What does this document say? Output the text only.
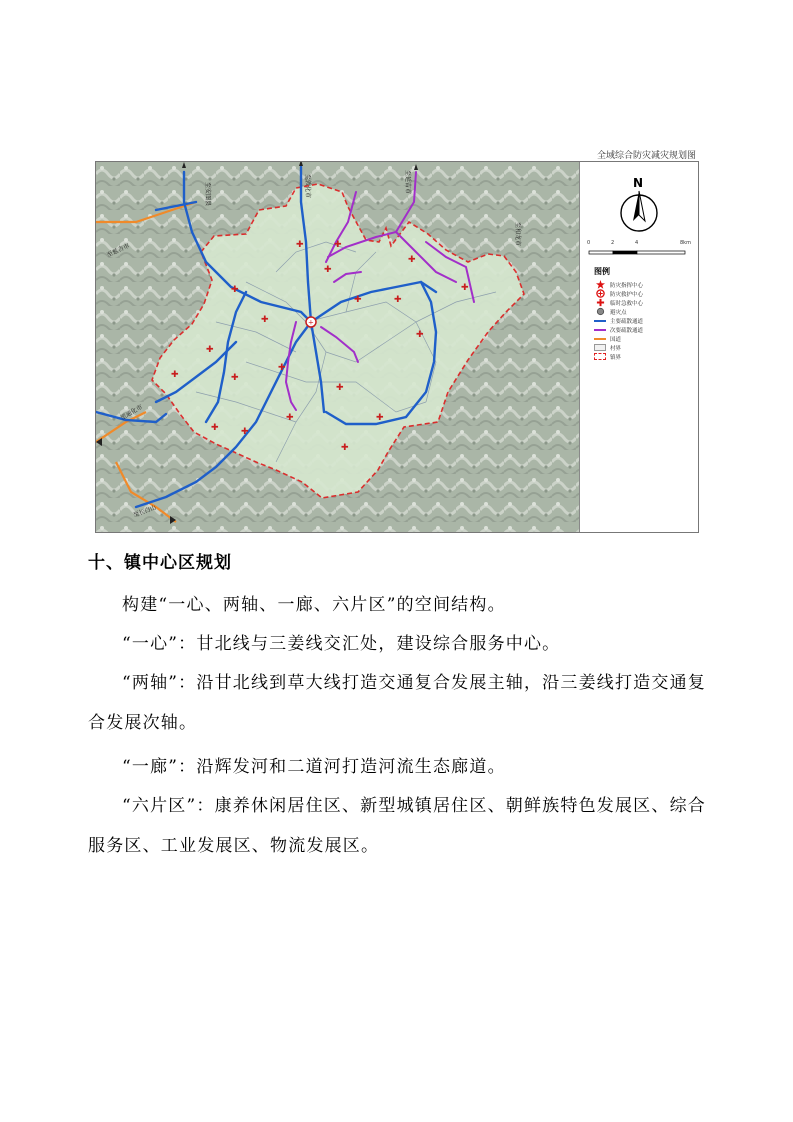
全域综合防灾减灾规划图
+
✚
✚	✚
✚
✚	✚
✚
✚
✚
✚
✚
✚
✚
✚
✚
✚
✚	✚
✚
✚
至安图县	至敦化市	至延吉市
至延吉市
至通化市
至长白山
至和龙市
N
0	2	4	8km
图例
防灾指挥中心
防灾救护中心
临时急救中心
避灾点
主要疏散通道
次要疏散通道
国道
村界
镇界
十、镇中心区规划
构建“一心、两轴、一廊、六片区”的空间结构。
“一心”：甘北线与三姜线交汇处，建设综合服务中心。
“两轴”：沿甘北线到草大线打造交通复合发展主轴，沿三姜线打造交通复合发展次轴。
“一廊”：沿辉发河和二道河打造河流生态廊道。
“六片区”：康养休闲居住区、新型城镇居住区、朝鲜族特色发展区、综合服务区、工业发展区、物流发展区。
